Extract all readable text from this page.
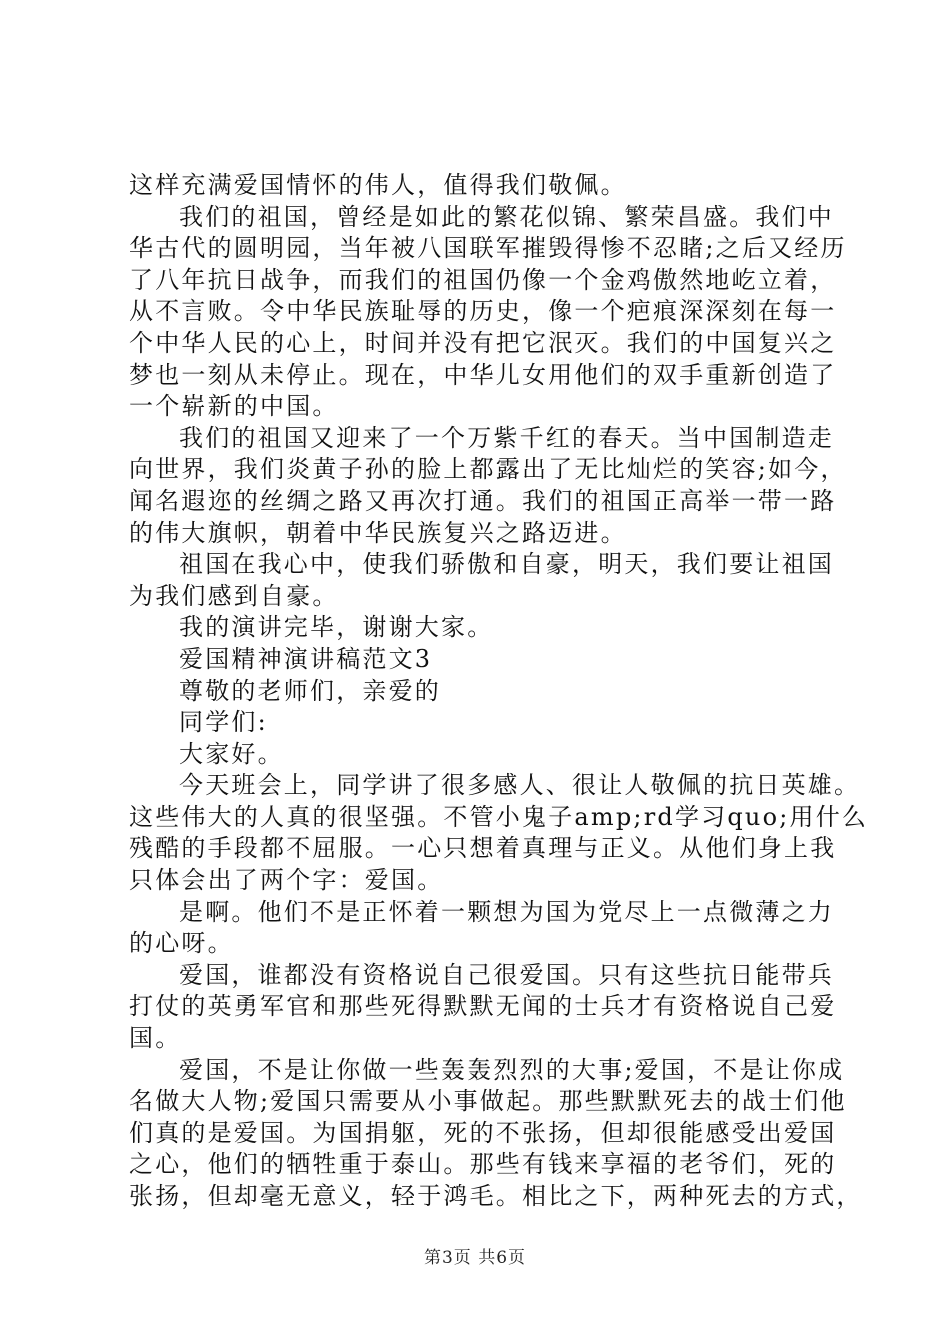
这样充满爱国情怀的伟人，值得我们敬佩。
我们的祖国，曾经是如此的繁花似锦、繁荣昌盛。我们中
华古代的圆明园，当年被八国联军摧毁得惨不忍睹;之后又经历
了八年抗日战争，而我们的祖国仍像一个金鸡傲然地屹立着，
从不言败。令中华民族耻辱的历史，像一个疤痕深深刻在每一
个中华人民的心上，时间并没有把它泯灭。我们的中国复兴之
梦也一刻从未停止。现在，中华儿女用他们的双手重新创造了
一个崭新的中国。
我们的祖国又迎来了一个万紫千红的春天。当中国制造走
向世界，我们炎黄子孙的脸上都露出了无比灿烂的笑容;如今，
闻名遐迩的丝绸之路又再次打通。我们的祖国正高举一带一路
的伟大旗帜，朝着中华民族复兴之路迈进。
祖国在我心中，使我们骄傲和自豪，明天，我们要让祖国
为我们感到自豪。
我的演讲完毕，谢谢大家。
爱国精神演讲稿范文3
尊敬的老师们，亲爱的
同学们:
大家好。
今天班会上，同学讲了很多感人、很让人敬佩的抗日英雄。
这些伟大的人真的很坚强。不管小鬼子amp;rd学习quo;用什么
残酷的手段都不屈服。一心只想着真理与正义。从他们身上我
只体会出了两个字：爱国。
是啊。他们不是正怀着一颗想为国为党尽上一点微薄之力
的心呀。
爱国，谁都没有资格说自己很爱国。只有这些抗日能带兵
打仗的英勇军官和那些死得默默无闻的士兵才有资格说自己爱
国。
爱国，不是让你做一些轰轰烈烈的大事;爱国，不是让你成
名做大人物;爱国只需要从小事做起。那些默默死去的战士们他
们真的是爱国。为国捐躯，死的不张扬，但却很能感受出爱国
之心，他们的牺牲重于泰山。那些有钱来享福的老爷们，死的
张扬，但却毫无意义，轻于鸿毛。相比之下，两种死去的方式，
第3页 共6页
